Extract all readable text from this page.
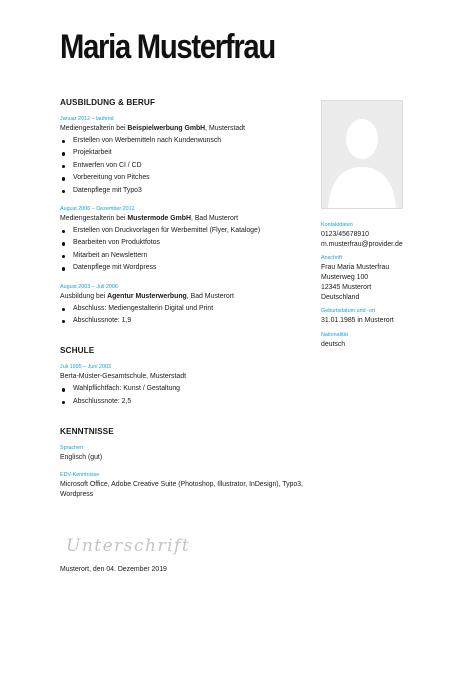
Maria Musterfrau
AUSBILDUNG & BERUF

Januar 2012 – laufend

Mediengestalterin bei Beispielwerbung GmbH, Musterstadt

Erstellen von Werbemitteln nach Kundenwunsch
Projektarbeit
Entwerfen von CI / CD
Vorbereitung von Pitches
Datenpflege mit Typo3

August 2006 – Dezember 2012

Mediengestalterin bei Mustermode GmbH, Bad Musterort

Erstellen von Druckvorlagen für Werbemittel (Flyer, Kataloge)
Bearbeiten von Produktfotos
Mitarbeit an Newslettern
Datenpflege mit Wordpress

August 2003 – Juli 2006

Ausbildung bei Agentur Musterwerbung, Bad Musterort

Abschluss: Mediengestalterin Digital und Print
Abschlussnote: 1,9
SCHULE

Juli 1995 – Juni 2003

Berta-Muster-Gesamtschule, Musterstadt

Wahlpflichtfach: Kunst / Gestaltung
Abschlussnote: 2,5
KENNTNISSE

Sprachen

Englisch (gut)

EDV-Kenntnisse

Microsoft Office, Adobe Creative Suite (Photoshop, Illustrator, InDesign), Typo3,

Wordpress

Kontaktdaten

0123/45678910

m.musterfrau@provider.de

Anschrift

Frau Maria Musterfrau

Musterweg 100

12345 Musterort

Deutschland

Geburtsdatum und -ort

31.01.1985 in Musterort

Nationalität

deutsch

Unterschrift
Musterort, den 04. Dezember 2019
